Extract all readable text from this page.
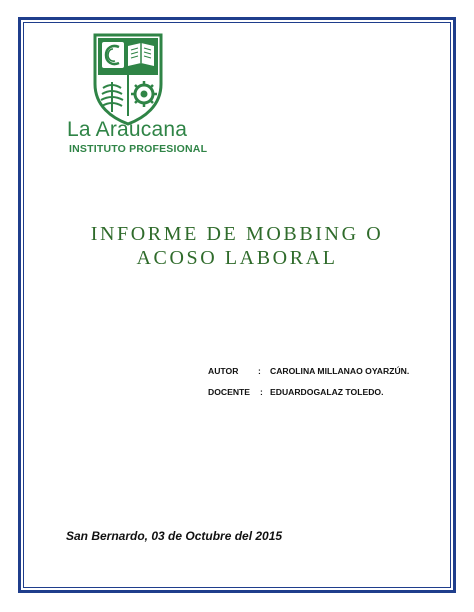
La Araucana
INSTITUTO PROFESIONAL
INFORME DE MOBBING O
ACOSO LABORAL
AUTOR : CAROLINA MILLANAO OYARZÚN.
DOCENTE : EDUARDOGALAZ TOLEDO.
San Bernardo, 03 de Octubre del 2015
